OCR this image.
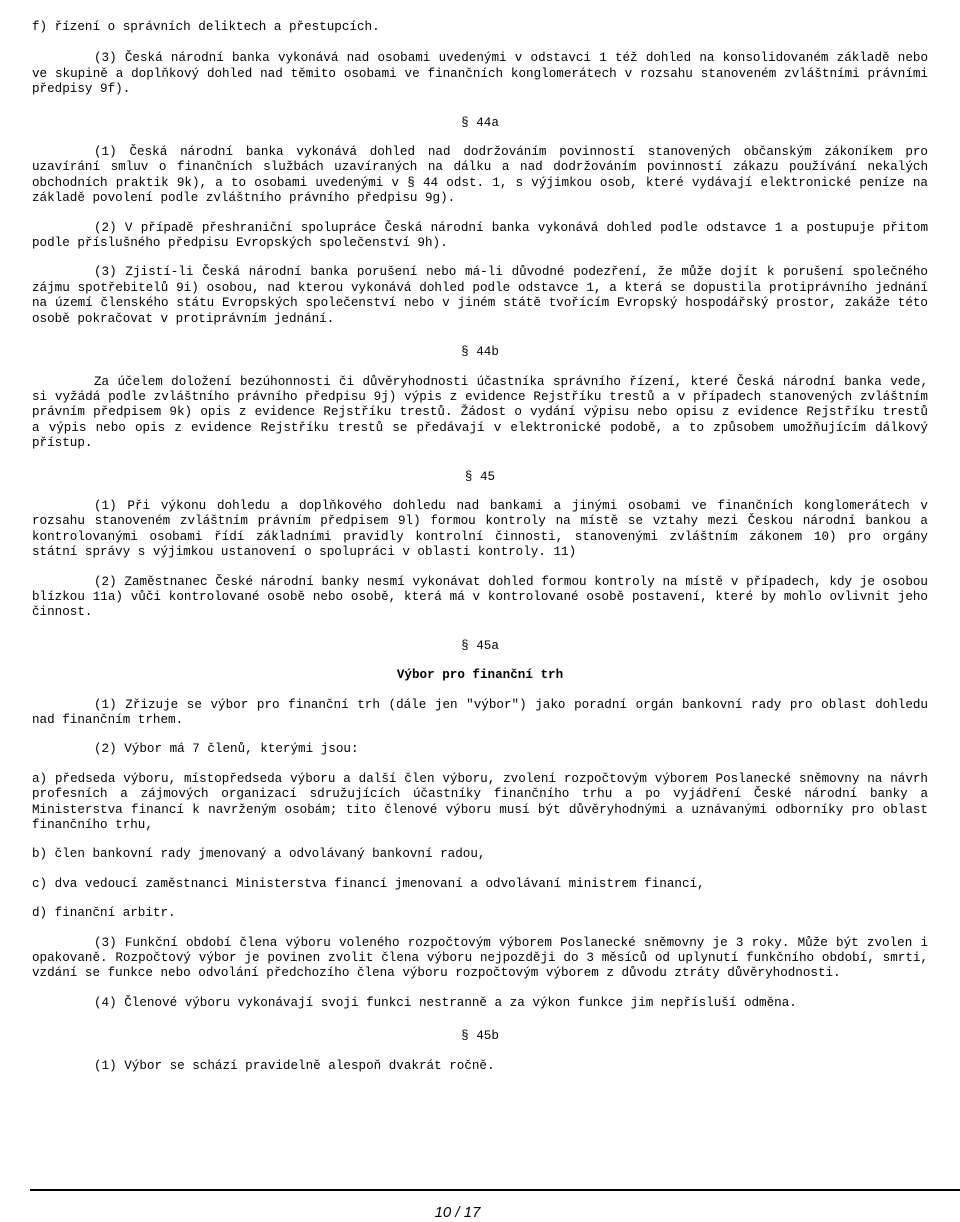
f) řízení o správních deliktech a přestupcích.

(3) Česká národní banka vykonává nad osobami uvedenými v odstavci 1 též dohled na konsolidovaném základě nebo ve skupině a doplňkový dohled nad těmito osobami ve finančních konglomerátech v rozsahu stanoveném zvláštními právními předpisy 9f).

§ 44a

(1) Česká národní banka vykonává dohled nad dodržováním povinností stanovených občanským zákoníkem pro uzavírání smluv o finančních službách uzavíraných na dálku a nad dodržováním povinností zákazu používání nekalých obchodních praktik 9k), a to osobami uvedenými v § 44 odst. 1, s výjimkou osob, které vydávají elektronické peníze na základě povolení podle zvláštního právního předpisu 9g).

(2) V případě přeshraniční spolupráce Česká národní banka vykonává dohled podle odstavce 1 a postupuje přitom podle příslušného předpisu Evropských společenství 9h).

(3) Zjistí-li Česká národní banka porušení nebo má-li důvodné podezření, že může dojít k porušení společného zájmu spotřebitelů 9i) osobou, nad kterou vykonává dohled podle odstavce 1, a která se dopustila protiprávního jednání na území členského státu Evropských společenství nebo v jiném státě tvořícím Evropský hospodářský prostor, zakáže této osobě pokračovat v protiprávním jednání.

§ 44b

Za účelem doložení bezúhonnosti či důvěryhodnosti účastníka správního řízení, které Česká národní banka vede, si vyžádá podle zvláštního právního předpisu 9j) výpis z evidence Rejstříku trestů a v případech stanovených zvláštním právním předpisem 9k) opis z evidence Rejstříku trestů. Žádost o vydání výpisu nebo opisu z evidence Rejstříku trestů a výpis nebo opis z evidence Rejstříku trestů se předávají v elektronické podobě, a to způsobem umožňujícím dálkový přístup.

§ 45

(1) Při výkonu dohledu a doplňkového dohledu nad bankami a jinými osobami ve finančních konglomerátech v rozsahu stanoveném zvláštním právním předpisem 9l) formou kontroly na místě se vztahy mezi Českou národní bankou a kontrolovanými osobami řídí základními pravidly kontrolní činnosti, stanovenými zvláštním zákonem 10) pro orgány státní správy s výjimkou ustanovení o spolupráci v oblasti kontroly. 11)

(2) Zaměstnanec České národní banky nesmí vykonávat dohled formou kontroly na místě v případech, kdy je osobou blízkou 11a) vůči kontrolované osobě nebo osobě, která má v kontrolované osobě postavení, které by mohlo ovlivnit jeho činnost.

§ 45a

Výbor pro finanční trh

(1) Zřizuje se výbor pro finanční trh (dále jen "výbor") jako poradní orgán bankovní rady pro oblast dohledu nad finančním trhem.

(2) Výbor má 7 členů, kterými jsou:

a) předseda výboru, místopředseda výboru a další člen výboru, zvolení rozpočtovým výborem Poslanecké sněmovny na návrh profesních a zájmových organizací sdružujících účastníky finančního trhu a po vyjádření České národní banky a Ministerstva financí k navrženým osobám; tito členové výboru musí být důvěryhodnými a uznávanými odborníky pro oblast finančního trhu,

b) člen bankovní rady jmenovaný a odvolávaný bankovní radou,

c) dva vedoucí zaměstnanci Ministerstva financí jmenovaní a odvolávaní ministrem financí,

d) finanční arbitr.

(3) Funkční období člena výboru voleného rozpočtovým výborem Poslanecké sněmovny je 3 roky. Může být zvolen i opakovaně. Rozpočtový výbor je povinen zvolit člena výboru nejpozději do 3 měsíců od uplynutí funkčního období, smrti, vzdání se funkce nebo odvolání předchozího člena výboru rozpočtovým výborem z důvodu ztráty důvěryhodnosti.

(4) Členové výboru vykonávají svoji funkci nestranně a za výkon funkce jim nepřísluší odměna.

§ 45b

(1) Výbor se schází pravidelně alespoň dvakrát ročně.

10 / 17
